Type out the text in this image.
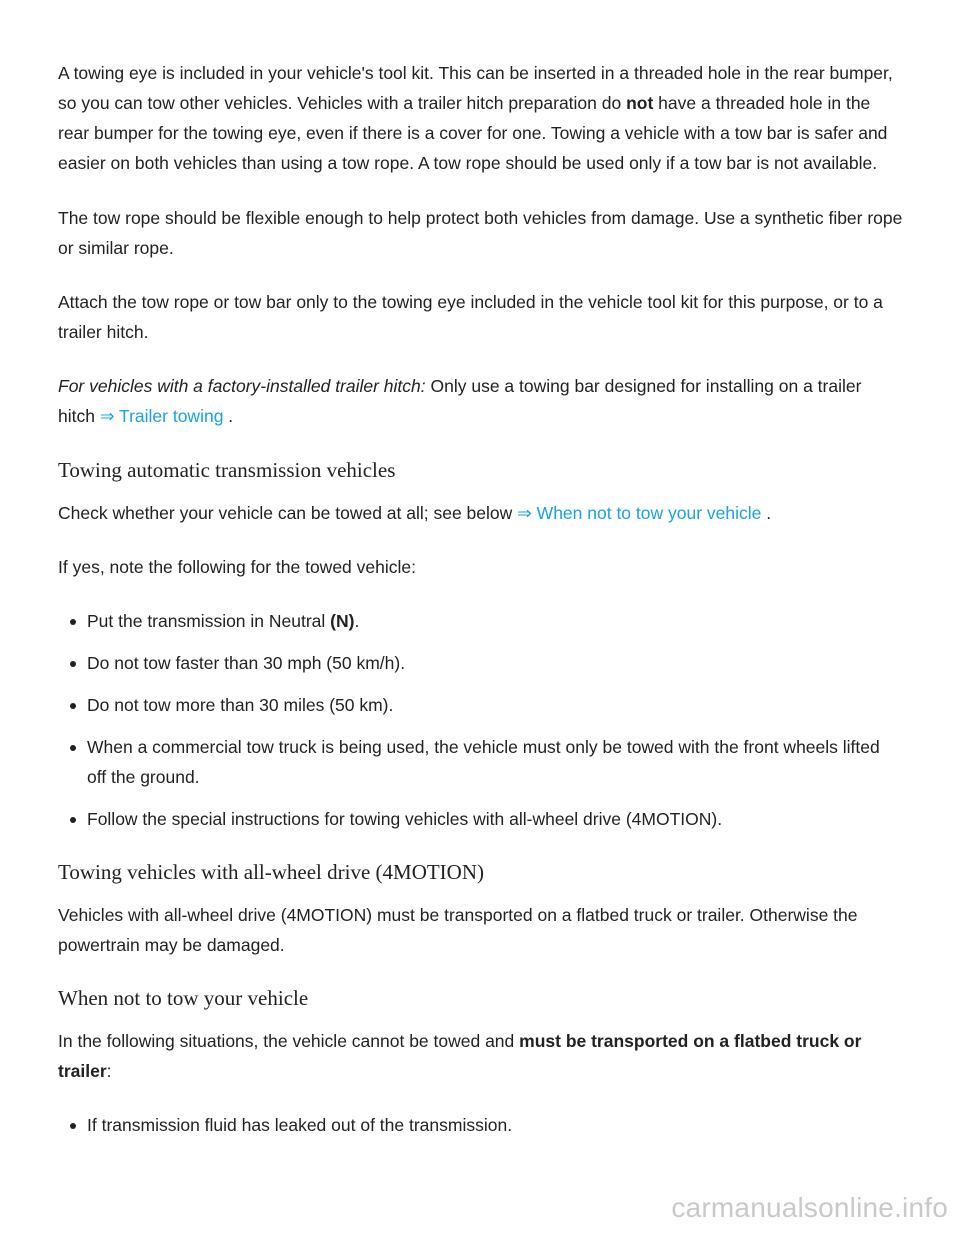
A towing eye is included in your vehicle's tool kit. This can be inserted in a threaded hole in the rear bumper, so you can tow other vehicles. Vehicles with a trailer hitch preparation do not have a threaded hole in the rear bumper for the towing eye, even if there is a cover for one. Towing a vehicle with a tow bar is safer and easier on both vehicles than using a tow rope. A tow rope should be used only if a tow bar is not available.

The tow rope should be flexible enough to help protect both vehicles from damage. Use a synthetic fiber rope or similar rope.

Attach the tow rope or tow bar only to the towing eye included in the vehicle tool kit for this purpose, or to a trailer hitch.

For vehicles with a factory-installed trailer hitch: Only use a towing bar designed for installing on a trailer hitch ⇒ Trailer towing .

Towing automatic transmission vehicles

Check whether your vehicle can be towed at all; see below ⇒ When not to tow your vehicle .

If yes, note the following for the towed vehicle:

Put the transmission in Neutral (N).
Do not tow faster than 30 mph (50 km/h).
Do not tow more than 30 miles (50 km).
When a commercial tow truck is being used, the vehicle must only be towed with the front wheels lifted off the ground.
Follow the special instructions for towing vehicles with all-wheel drive (4MOTION).
Towing vehicles with all-wheel drive (4MOTION)

Vehicles with all-wheel drive (4MOTION) must be transported on a flatbed truck or trailer. Otherwise the powertrain may be damaged.

When not to tow your vehicle

In the following situations, the vehicle cannot be towed and must be transported on a flatbed truck or trailer:

If transmission fluid has leaked out of the transmission.
carmanualsonline.info
